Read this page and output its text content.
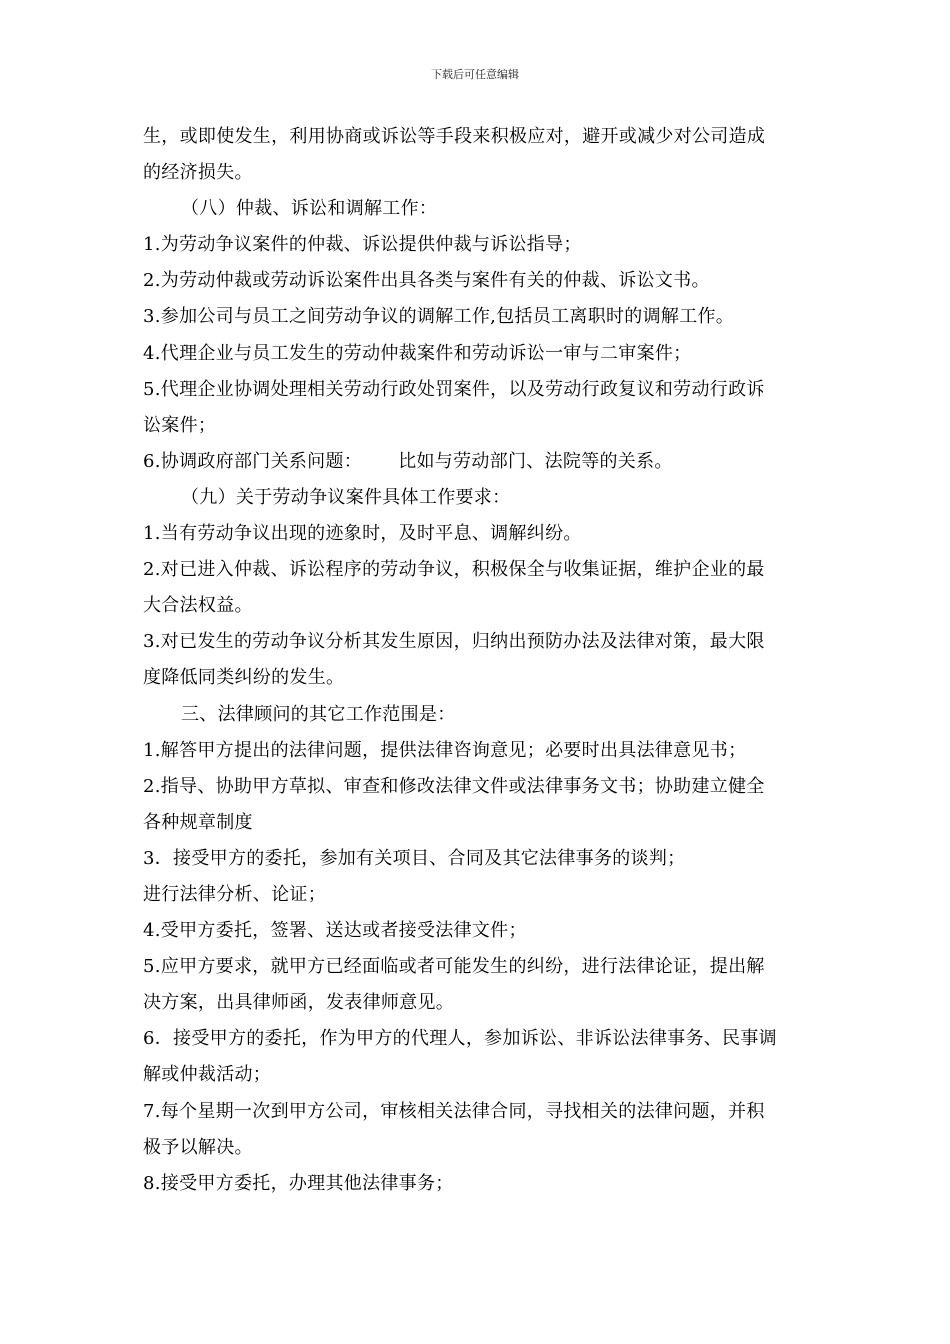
下载后可任意编辑
生，或即使发生，利用协商或诉讼等手段来积极应对，避开或减少对公司造成
的经济损失。
（八）仲裁、诉讼和调解工作：
1.为劳动争议案件的仲裁、诉讼提供仲裁与诉讼指导；
2.为劳动仲裁或劳动诉讼案件出具各类与案件有关的仲裁、诉讼文书。
3.参加公司与员工之间劳动争议的调解工作,包括员工离职时的调解工作。
4.代理企业与员工发生的劳动仲裁案件和劳动诉讼一审与二审案件；
5.代理企业协调处理相关劳动行政处罚案件，以及劳动行政复议和劳动行政诉
讼案件；
6.协调政府部门关系问题：      比如与劳动部门、法院等的关系。
（九）关于劳动争议案件具体工作要求：
1.当有劳动争议出现的迹象时，及时平息、调解纠纷。
2.对已进入仲裁、诉讼程序的劳动争议，积极保全与收集证据，维护企业的最
大合法权益。
3.对已发生的劳动争议分析其发生原因，归纳出预防办法及法律对策，最大限
度降低同类纠纷的发生。
三、法律顾问的其它工作范围是：
1.解答甲方提出的法律问题，提供法律咨询意见；必要时出具法律意见书；
2.指导、协助甲方草拟、审查和修改法律文件或法律事务文书；协助建立健全
各种规章制度
3．接受甲方的委托，参加有关项目、合同及其它法律事务的谈判；
进行法律分析、论证；
4.受甲方委托，签署、送达或者接受法律文件；
5.应甲方要求，就甲方已经面临或者可能发生的纠纷，进行法律论证，提出解
决方案，出具律师函，发表律师意见。
6．接受甲方的委托，作为甲方的代理人，参加诉讼、非诉讼法律事务、民事调
解或仲裁活动；
7.每个星期一次到甲方公司，审核相关法律合同，寻找相关的法律问题，并积
极予以解决。
8.接受甲方委托，办理其他法律事务；
